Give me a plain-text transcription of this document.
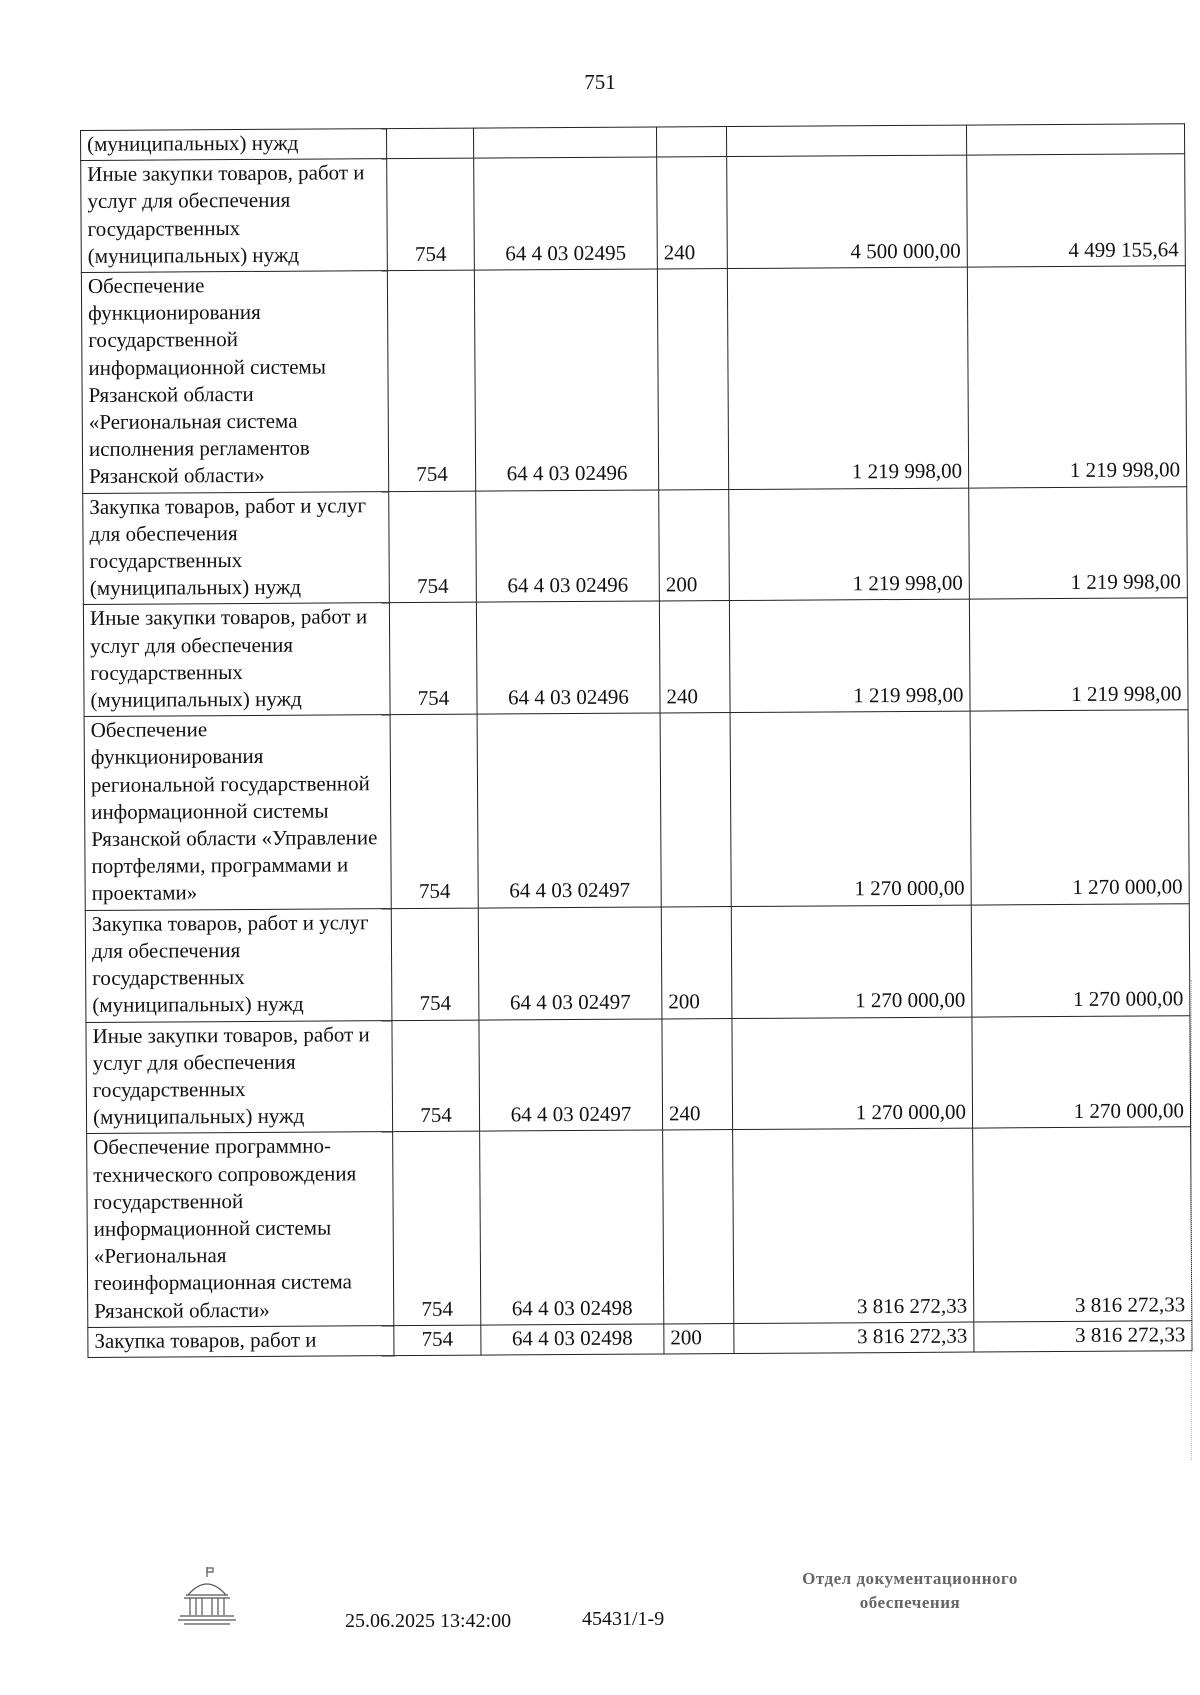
751
(муниципальных) нужд					
Иные закупки товаров, работ и услуг для обеспечения государственных (муниципальных) нужд	754	64 4 03 02495	240	4 500 000,00	4 499 155,64
Обеспечение функционирования государственной информационной системы Рязанской области «Региональная система исполнения регламентов Рязанской области»	754	64 4 03 02496		1 219 998,00	1 219 998,00
Закупка товаров, работ и услуг для обеспечения государственных (муниципальных) нужд	754	64 4 03 02496	200	1 219 998,00	1 219 998,00
Иные закупки товаров, работ и услуг для обеспечения государственных (муниципальных) нужд	754	64 4 03 02496	240	1 219 998,00	1 219 998,00
Обеспечение функционирования региональной государственной информационной системы Рязанской области «Управление портфелями, программами и проектами»	754	64 4 03 02497		1 270 000,00	1 270 000,00
Закупка товаров, работ и услуг для обеспечения государственных (муниципальных) нужд	754	64 4 03 02497	200	1 270 000,00	1 270 000,00
Иные закупки товаров, работ и услуг для обеспечения государственных (муниципальных) нужд	754	64 4 03 02497	240	1 270 000,00	1 270 000,00
Обеспечение программно-технического сопровождения государственной информационной системы «Региональная геоинформационная система Рязанской области»	754	64 4 03 02498		3 816 272,33	3 816 272,33
Закупка товаров, работ и	754	64 4 03 02498	200	3 816 272,33	3 816 272,33
25.06.2025 13:42:00	45431/1-9
Отдел документационного
обеспечения
